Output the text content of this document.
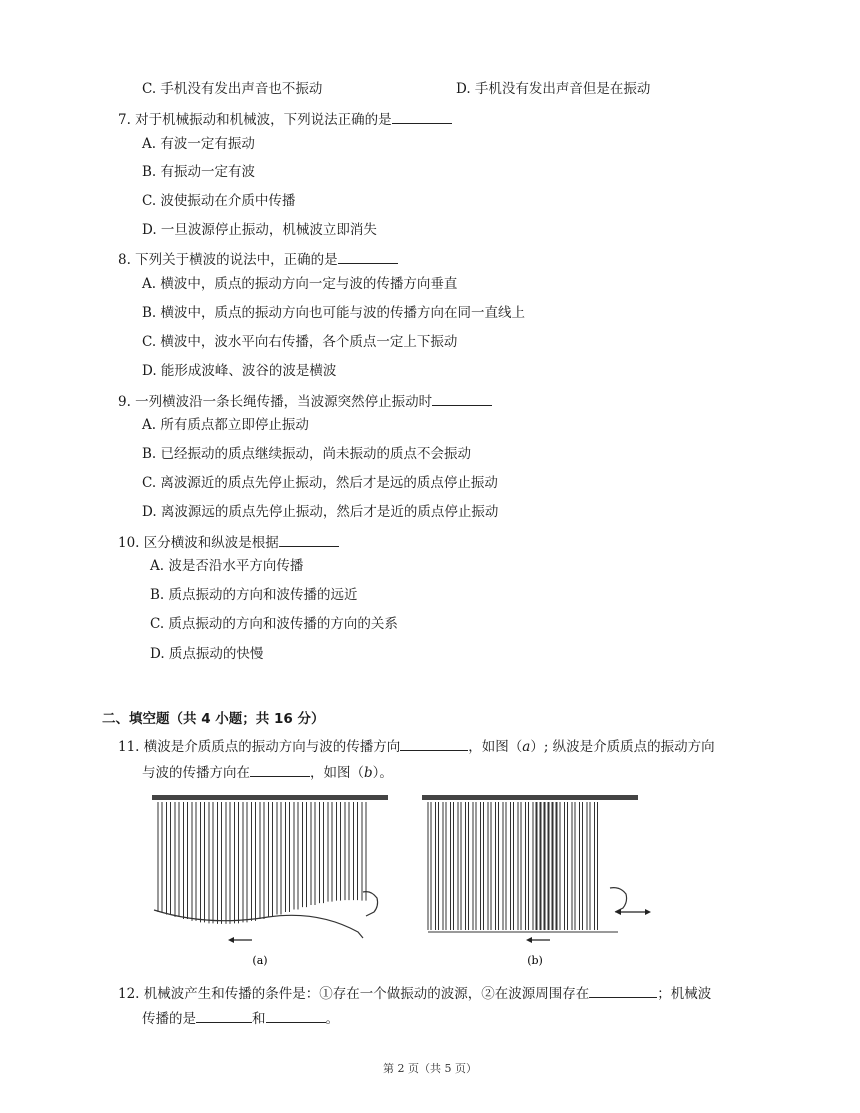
C. 手机没有发出声音也不振动	D. 手机没有发出声音但是在振动
7. 对于机械振动和机械波，下列说法正确的是
A. 有波一定有振动
B. 有振动一定有波
C. 波使振动在介质中传播
D. 一旦波源停止振动，机械波立即消失
8. 下列关于横波的说法中，正确的是
A. 横波中，质点的振动方向一定与波的传播方向垂直
B. 横波中，质点的振动方向也可能与波的传播方向在同一直线上
C. 横波中，波水平向右传播，各个质点一定上下振动
D. 能形成波峰、波谷的波是横波
9. 一列横波沿一条长绳传播，当波源突然停止振动时
A. 所有质点都立即停止振动
B. 已经振动的质点继续振动，尚未振动的质点不会振动
C. 离波源近的质点先停止振动，然后才是远的质点停止振动
D. 离波源远的质点先停止振动，然后才是近的质点停止振动
10. 区分横波和纵波是根据
A. 波是否沿水平方向传播
B. 质点振动的方向和波传播的远近
C. 质点振动的方向和波传播的方向的关系
D. 质点振动的快慢
二、填空题（共 4 小题；共 16 分）
11. 横波是介质质点的振动方向与波的传播方向	，如图（a）; 纵波是介质质点的振动方向
与波的传播方向在	，如图（b）。
(a)	(b)
12. 机械波产生和传播的条件是：①存在一个做振动的波源，②在波源周围存在	；机械波
传播的是	和	。
第 2 页（共 5 页）
